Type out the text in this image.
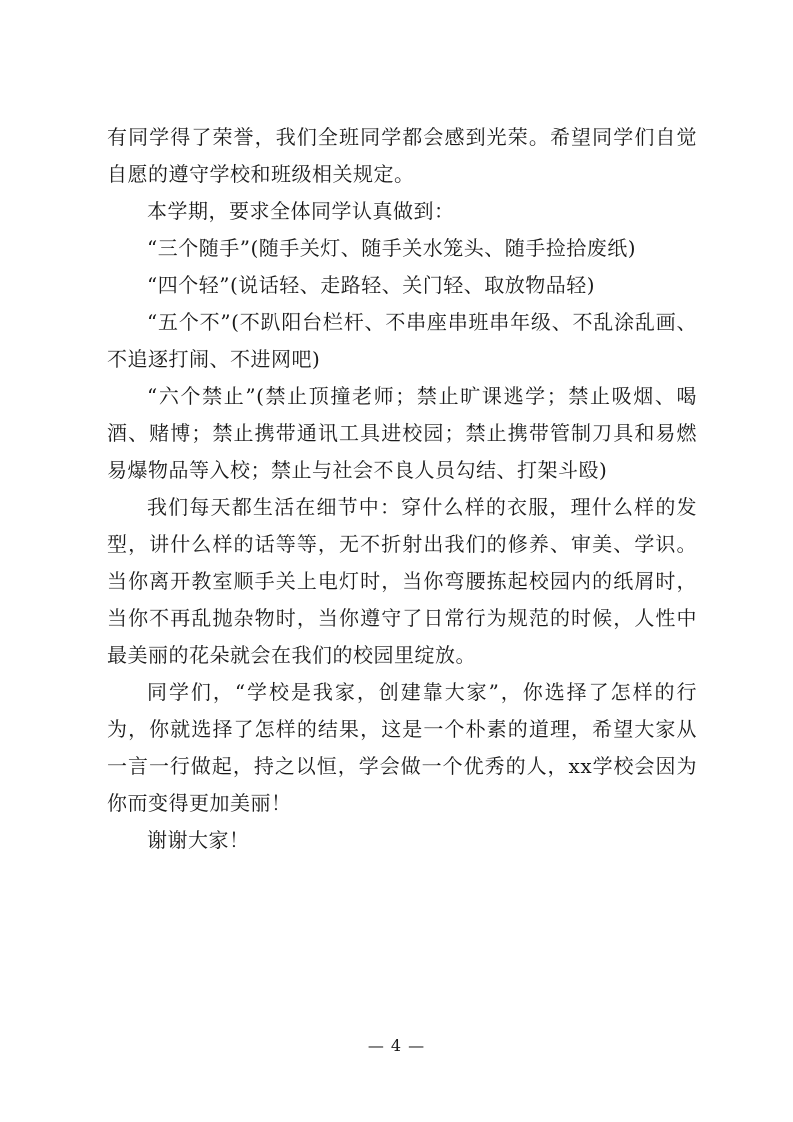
有同学得了荣誉，我们全班同学都会感到光荣。希望同学们自觉自愿的遵守学校和班级相关规定。

本学期，要求全体同学认真做到：

“三个随手”(随手关灯、随手关水笼头、随手捡拾废纸)

“四个轻”(说话轻、走路轻、关门轻、取放物品轻)

“五个不”(不趴阳台栏杆、不串座串班串年级、不乱涂乱画、不追逐打闹、不进网吧)

“六个禁止”(禁止顶撞老师；禁止旷课逃学；禁止吸烟、喝酒、赌博；禁止携带通讯工具进校园；禁止携带管制刀具和易燃易爆物品等入校；禁止与社会不良人员勾结、打架斗殴)

我们每天都生活在细节中：穿什么样的衣服，理什么样的发型，讲什么样的话等等，无不折射出我们的修养、审美、学识。当你离开教室顺手关上电灯时，当你弯腰拣起校园内的纸屑时，当你不再乱抛杂物时，当你遵守了日常行为规范的时候，人性中最美丽的花朵就会在我们的校园里绽放。

同学们，“学校是我家，创建靠大家”，你选择了怎样的行为，你就选择了怎样的结果，这是一个朴素的道理，希望大家从一言一行做起，持之以恒，学会做一个优秀的人，xx学校会因为你而变得更加美丽！

谢谢大家！

— 4 —
